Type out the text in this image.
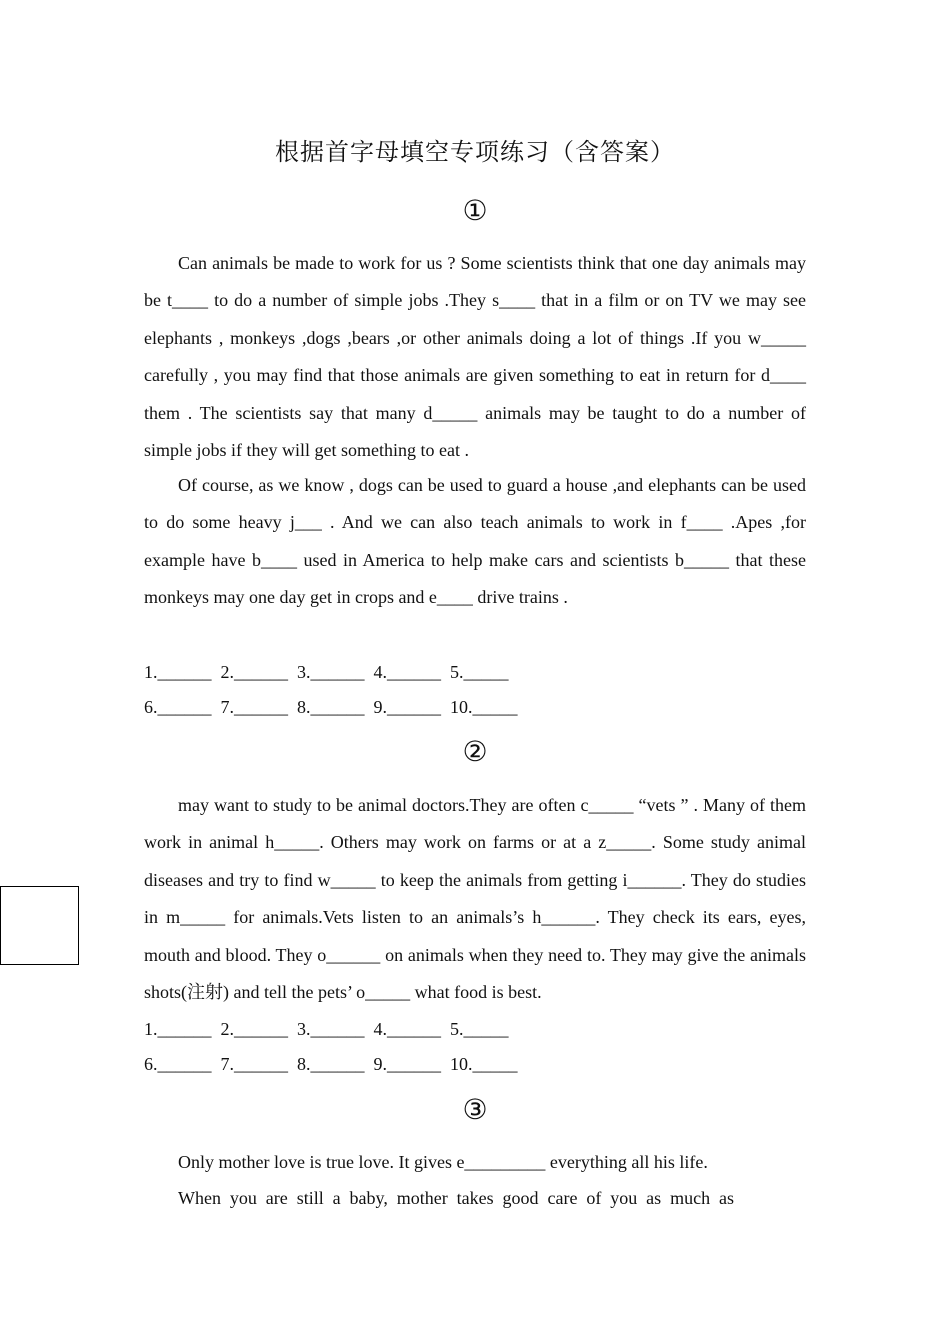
根据首字母填空专项练习（含答案）
①
Can animals be made to work for us ? Some scientists think that one day animals may be t____ to do a number of simple jobs .They s____ that in a film or on TV we may see elephants , monkeys ,dogs ,bears ,or other animals doing a lot of things .If you w_____ carefully , you may find that those animals are given something to eat in return for d____ them . The scientists say that many d_____ animals may be taught to do a number of simple jobs if they will get something to eat .
Of course, as we know , dogs can be used to guard a house ,and elephants can be used to do some heavy j___ . And we can also teach animals to work in f____ .Apes ,for example have b____ used in America to help make cars and scientists b_____ that these monkeys may one day get in crops and e____ drive trains .
1.______  2.______  3.______  4.______  5._____
6.______  7.______  8.______  9.______  10._____
②
may want to study to be animal doctors.They are often c_____ “vets ” . Many of them work in animal h_____. Others may work on farms or at a z_____. Some study animal diseases and try to find w_____ to keep the animals from getting i______. They do studies in m_____ for animals.Vets listen to an animals’s h______. They check its ears, eyes, mouth and blood. They o______ on animals when they need to. They may give the animals shots(注射) and tell the pets’ o_____ what food is best.
1.______  2.______  3.______  4.______  5._____
6.______  7.______  8.______  9.______  10._____
③
Only mother love is true love. It gives e_________ everything all his life.
When you are still a baby, mother takes good care of you as much as
